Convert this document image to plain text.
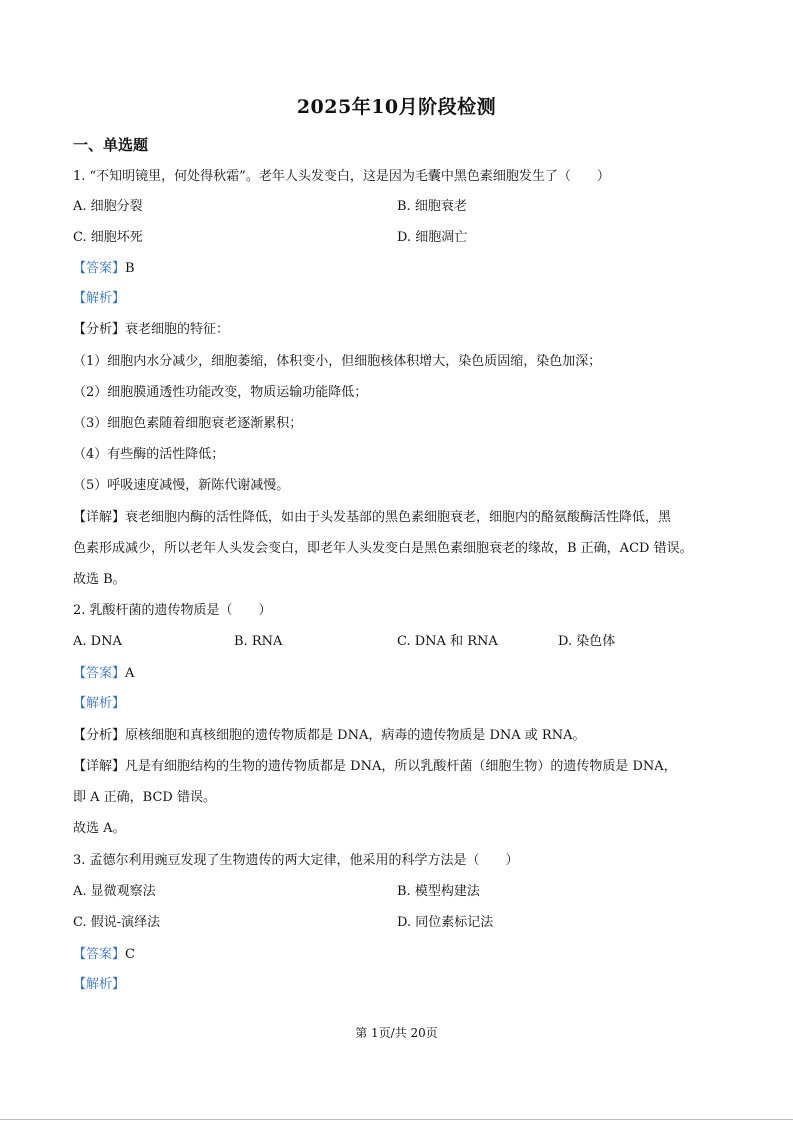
2025年10月阶段检测
一、单选题
1. “不知明镜里，何处得秋霜”。老年人头发变白，这是因为毛囊中黑色素细胞发生了（　　）
A. 细胞分裂	B. 细胞衰老
C. 细胞坏死	D. 细胞凋亡
【答案】B
【解析】
【分析】衰老细胞的特征：
（1）细胞内水分减少，细胞萎缩，体积变小，但细胞核体积增大，染色质固缩，染色加深；
（2）细胞膜通透性功能改变，物质运输功能降低；
（3）细胞色素随着细胞衰老逐渐累积；
（4）有些酶的活性降低；
（5）呼吸速度减慢，新陈代谢减慢。
【详解】衰老细胞内酶的活性降低，如由于头发基部的黑色素细胞衰老，细胞内的酪氨酸酶活性降低，黑
色素形成减少，所以老年人头发会变白，即老年人头发变白是黑色素细胞衰老的缘故，B 正确，ACD 错误。
故选 B。
2. 乳酸杆菌的遗传物质是（　　）
A. DNA	B. RNA	C. DNA 和 RNA	D. 染色体
【答案】A
【解析】
【分析】原核细胞和真核细胞的遗传物质都是 DNA，病毒的遗传物质是 DNA 或 RNA。
【详解】凡是有细胞结构的生物的遗传物质都是 DNA，所以乳酸杆菌（细胞生物）的遗传物质是 DNA，
即 A 正确，BCD 错误。
故选 A。
3. 孟德尔利用豌豆发现了生物遗传的两大定律，他采用的科学方法是（　　）
A. 显微观察法	B. 模型构建法
C. 假说-演绎法	D. 同位素标记法
【答案】C
【解析】
第 1页/共 20页
